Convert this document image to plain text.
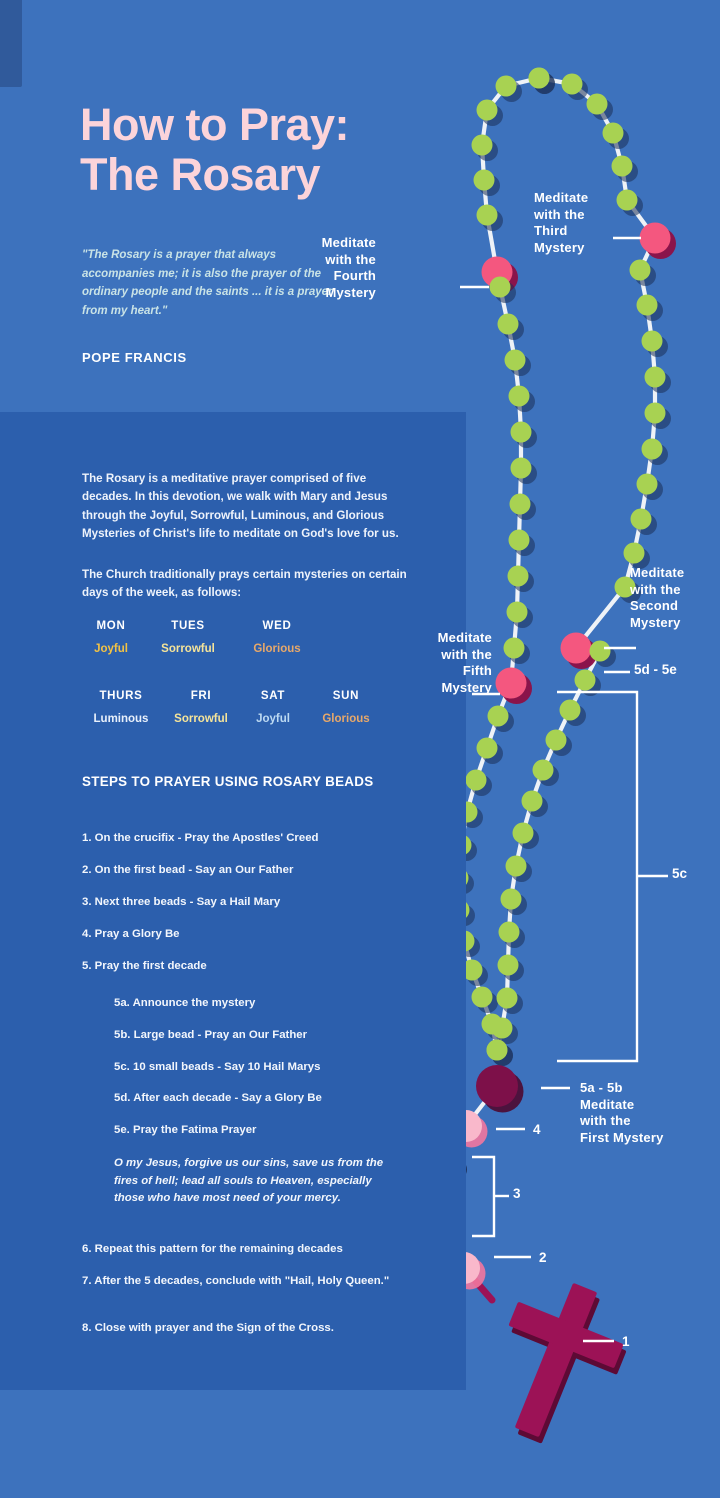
How to Pray:
The Rosary
"The Rosary is a prayer that always accompanies me; it is also the prayer of the ordinary people and the saints ... it is a prayer from my heart."
POPE FRANCIS
The Rosary is a meditative prayer comprised of five decades. In this devotion, we walk with Mary and Jesus through the Joyful, Sorrowful, Luminous, and Glorious Mysteries of Christ's life to meditate on God's love for us.
The Church traditionally prays certain mysteries on certain days of the week, as follows:
MON
Joyful
TUES
Sorrowful
WED
Glorious
THURS
Luminous
FRI
Sorrowful
SAT
Joyful
SUN
Glorious
STEPS TO PRAYER USING ROSARY BEADS
1. On the crucifix - Pray the Apostles' Creed
2. On the first bead - Say an Our Father
3. Next three beads - Say a Hail Mary
4. Pray a Glory Be
5. Pray the first decade
5a. Announce the mystery
5b. Large bead - Pray an Our Father
5c. 10 small beads - Say 10 Hail Marys
5d. After each decade - Say a Glory Be
5e. Pray the Fatima Prayer
O my Jesus, forgive us our sins, save us from the fires of hell; lead all souls to Heaven, especially those who have most need of your mercy.
6. Repeat this pattern for the remaining decades
7. After the 5 decades, conclude with "Hail, Holy Queen."
8. Close with prayer and the Sign of the Cross.
Meditate
with the
Fourth
Mystery
Meditate
with the
Third
Mystery
Meditate
with the
Second
Mystery
Meditate
with the
Fifth
Mystery
5d - 5e
5c
5a - 5b
Meditate
with the
First Mystery
4
3
2
1
